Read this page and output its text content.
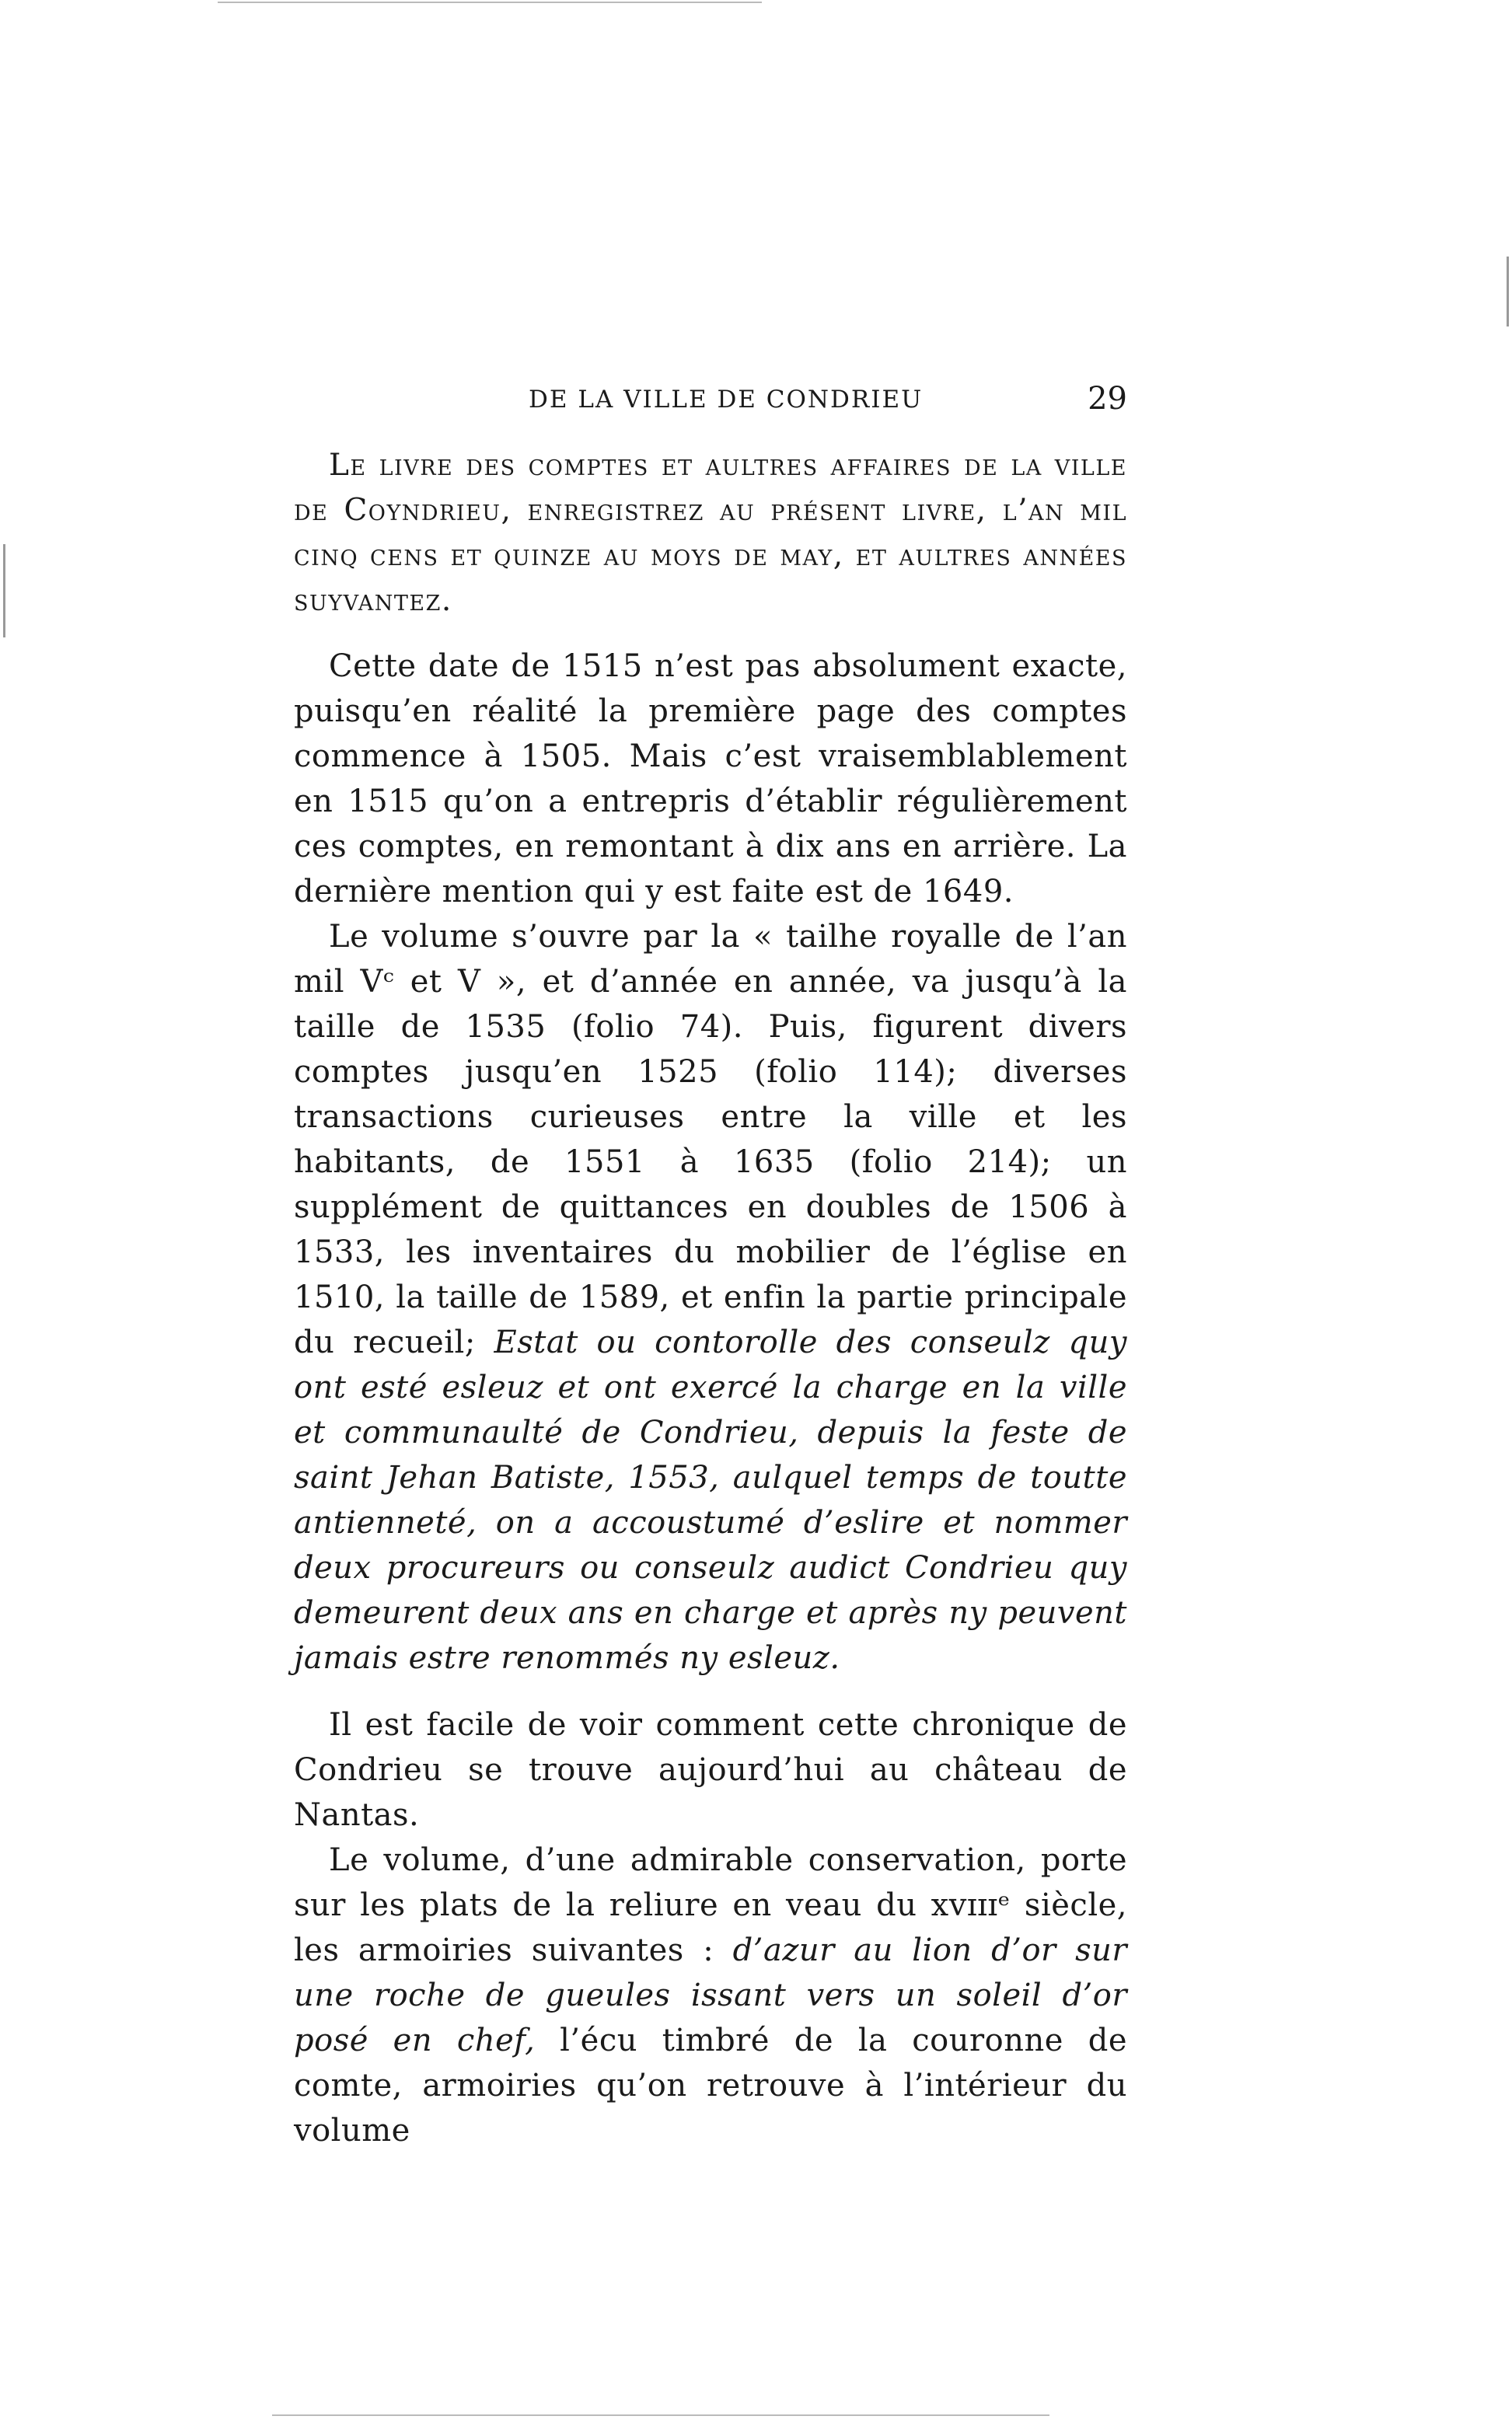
DE LA VILLE DE CONDRIEU	29

Le livre des comptes et aultres affaires de la ville de Coyndrieu, enregistrez au présent livre, l’an mil cinq cens et quinze au moys de may, et aultres années suyvantez.

Cette date de 1515 n’est pas absolument exacte, puisqu’en réalité la première page des comptes commence à 1505. Mais c’est vraisemblablement en 1515 qu’on a entrepris d’établir régulièrement ces comptes, en remontant à dix ans en arrière. La dernière mention qui y est faite est de 1649.

Le volume s’ouvre par la « tailhe royalle de l’an mil Vᶜ et V », et d’année en année, va jusqu’à la taille de 1535 (folio 74). Puis, figurent divers comptes jusqu’en 1525 (folio 114); diverses transactions curieuses entre la ville et les habitants, de 1551 à 1635 (folio 214); un supplément de quittances en doubles de 1506 à 1533, les inventaires du mobilier de l’église en 1510, la taille de 1589, et enfin la partie principale du recueil; Estat ou contorolle des conseulz quy ont esté esleuz et ont exercé la charge en la ville et communaulté de Condrieu, depuis la feste de saint Jehan Batiste, 1553, aulquel temps de toutte antienneté, on a accoustumé d’eslire et nommer deux procureurs ou conseulz audict Condrieu quy demeurent deux ans en charge et après ny peuvent jamais estre renommés ny esleuz.

Il est facile de voir comment cette chronique de Condrieu se trouve aujourd’hui au château de Nantas.

Le volume, d’une admirable conservation, porte sur les plats de la reliure en veau du xvɪɪɪᵉ siècle, les armoiries suivantes : d’azur au lion d’or sur une roche de gueules issant vers un soleil d’or posé en chef, l’écu timbré de la couronne de comte, armoiries qu’on retrouve à l’intérieur du volume
